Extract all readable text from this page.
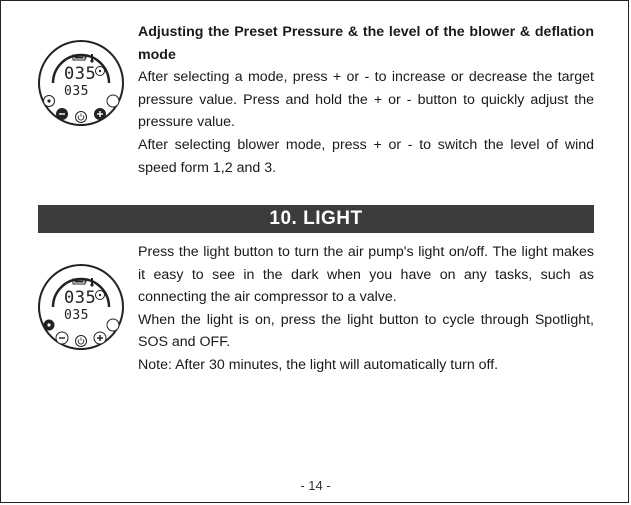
035
035

Adjusting the Preset Pressure & the level of the blower & deflation mode

After selecting a mode, press + or - to increase or decrease the target pressure value. Press and hold the + or - button to quickly adjust the pressure value.

After selecting blower mode, press + or - to switch the level of wind speed form 1,2 and 3.

10. LIGHT
035
035

Press the light button to turn the air pump's light on/off. The light makes it easy to see in the dark when you have on any tasks, such as connecting the air compressor to a valve.

When the light is on, press the light button to cycle through Spotlight, SOS and OFF.

Note: After 30 minutes, the light will automatically turn off.

- 14 -
